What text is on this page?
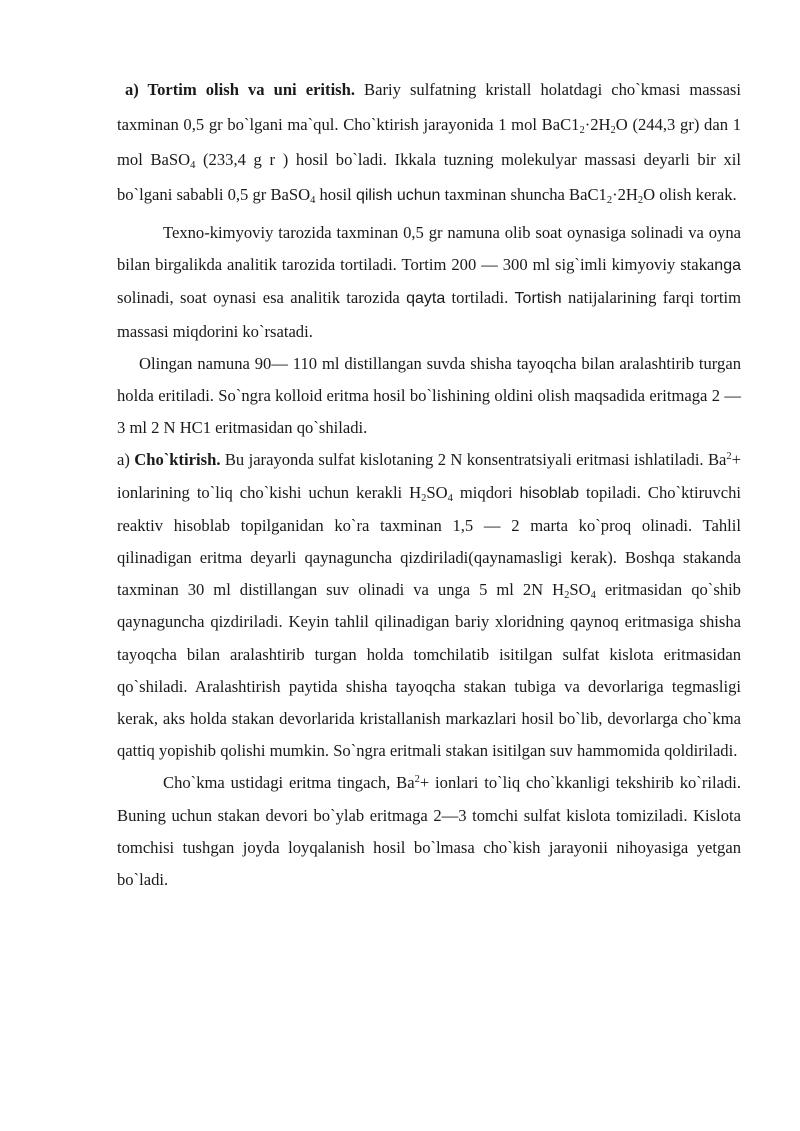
a) Tortim olish va uni eritish. Bariy sulfatning kristall holatdagi cho`kmasi massasi taxminan 0,5 gr bo`lgani ma`qul. Cho`ktirish jarayonida 1 mol $BaC1_2\cdot 2H_2O$ (244,3 gr) dan 1 mol BaSO$_4$ (233,4 g r ) hosil bo`ladi. Ikkala tuzning molekulyar massasi deyarli bir xil bo`lgani sababli 0,5 gr BaSO$_4$ hosil qilish uchun taxminan shuncha $BaC1_2\cdot 2H_2O$ olish kerak.

Texno-kimyoviy tarozida taxminan 0,5 gr namuna olib soat oynasiga solinadi va oyna bilan birgalikda analitik tarozida tortiladi. Tortim 200 — 300 ml sig`imli kimyoviy stakanga solinadi, soat oynasi esa analitik tarozida qayta tortiladi. Tortish natijalarining farqi tortim massasi miqdorini ko`rsatadi.

Olingan namuna 90— 110 ml distillangan suvda shisha tayoqcha bilan aralashtirib turgan holda eritiladi. So`ngra kolloid eritma hosil bo`lishining oldini olish maqsadida eritmaga 2 — 3 ml 2 N HC1 eritmasidan qo`shiladi.

a) Cho`ktirish. Bu jarayonda sulfat kislotaning 2 N konsentratsiyali eritmasi ishlatiladi. $Ba^2+$ ionlarining to`liq cho`kishi uchun kerakli $H_2SO_4$ miqdori hisoblab topiladi. Cho`ktiruvchi reaktiv hisoblab topilganidan ko`ra taxminan 1,5 — 2 marta ko`proq olinadi. Tahlil qilinadigan eritma deyarli qaynaguncha qizdiriladi(qaynamasligi kerak). Boshqa stakanda taxminan 30 ml distillangan suv olinadi va unga 5 ml 2N $H_2SO_4$ eritmasidan qo`shib qaynaguncha qizdiriladi. Keyin tahlil qilinadigan bariy xloridning qaynoq eritmasiga shisha tayoqcha bilan aralashtirib turgan holda tomchilatib isitilgan sulfat kislota eritmasidan qo`shiladi. Aralashtirish paytida shisha tayoqcha stakan tubiga va devorlariga tegmasligi kerak, aks holda stakan devorlarida kristallanish markazlari hosil bo`lib, devorlarga cho`kma qattiq yopishib qolishi mumkin. So`ngra eritmali stakan isitilgan suv hammomida qoldiriladi.

Cho`kma ustidagi eritma tingach, $Ba^2+$ ionlari to`liq cho`kkanligi tekshirib ko`riladi. Buning uchun stakan devori bo`ylab eritmaga 2—3 tomchi sulfat kislota tomiziladi. Kislota tomchisi tushgan joyda loyqalanish hosil bo`lmasa cho`kish jarayonii nihoyasiga yetgan bo`ladi.
